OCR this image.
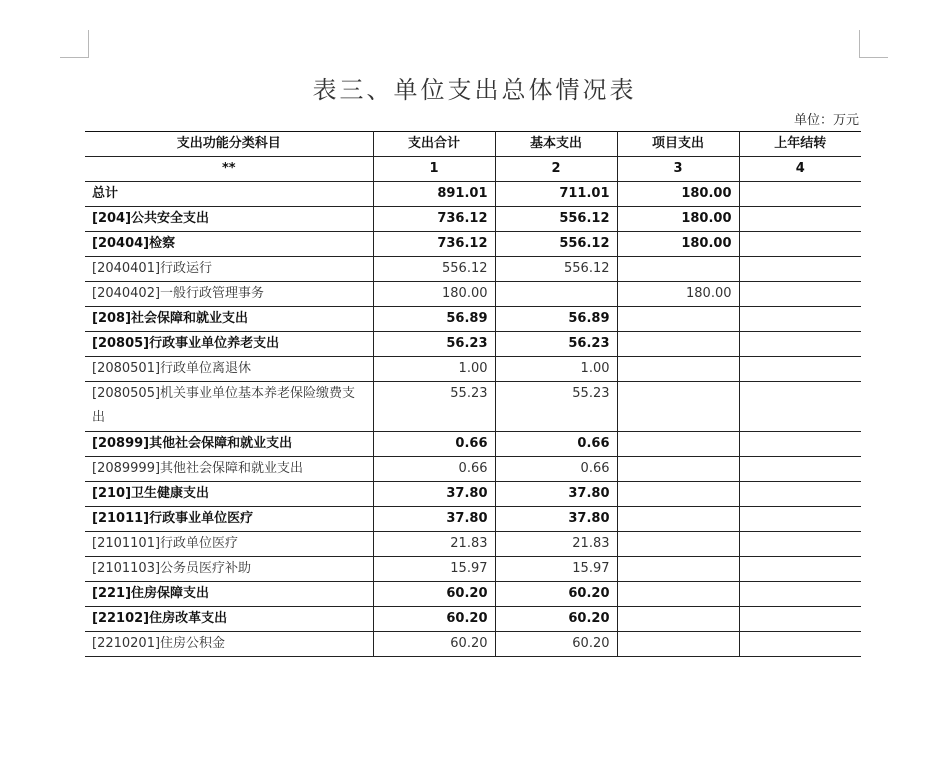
表三、单位支出总体情况表
单位：万元
支出功能分类科目	支出合计	基本支出	项目支出	上年结转
**	1	2	3	4
总计	891.01	711.01	180.00	
[204]公共安全支出	736.12	556.12	180.00	
[20404]检察	736.12	556.12	180.00	
[2040401]行政运行	556.12	556.12		
[2040402]一般行政管理事务	180.00		180.00	
[208]社会保障和就业支出	56.89	56.89		
[20805]行政事业单位养老支出	56.23	56.23		
[2080501]行政单位离退休	1.00	1.00		
[2080505]机关事业单位基本养老保险缴费支出	55.23	55.23		
[20899]其他社会保障和就业支出	0.66	0.66		
[2089999]其他社会保障和就业支出	0.66	0.66		
[210]卫生健康支出	37.80	37.80		
[21011]行政事业单位医疗	37.80	37.80		
[2101101]行政单位医疗	21.83	21.83		
[2101103]公务员医疗补助	15.97	15.97		
[221]住房保障支出	60.20	60.20		
[22102]住房改革支出	60.20	60.20		
[2210201]住房公积金	60.20	60.20		
